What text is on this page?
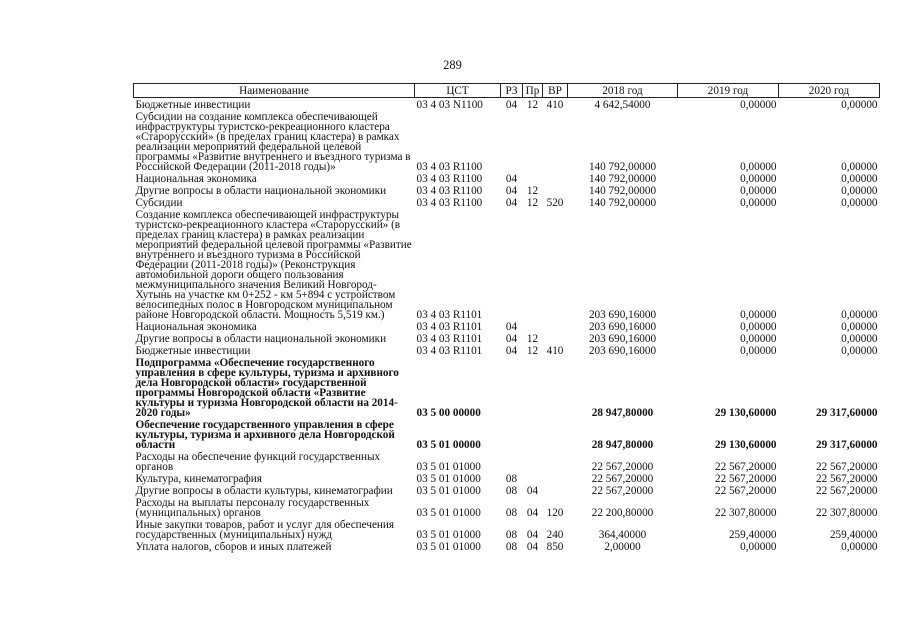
289
Наименование	ЦСТ	РЗ	Пр	ВР	2018 год	2019 год	2020 год
Бюджетные инвестиции	03 4 03 N1100	04	12	410	4 642,54000	0,00000	0,00000
Субсидии на создание комплекса обеспечивающей инфраструктуры туристско-рекреационного кластера «Старорусский» (в пределах границ кластера) в рамках реализации мероприятий федеральной целевой программы «Развитие внутреннего и въездного туризма в Российской Федерации (2011-2018 годы)»	03 4 03 R1100				140 792,00000	0,00000	0,00000
Национальная экономика	03 4 03 R1100	04			140 792,00000	0,00000	0,00000
Другие вопросы в области национальной экономики	03 4 03 R1100	04	12		140 792,00000	0,00000	0,00000
Субсидии	03 4 03 R1100	04	12	520	140 792,00000	0,00000	0,00000
Создание комплекса обеспечивающей инфраструктуры туристско-рекреационного кластера «Старорусский» (в пределах границ кластера) в рамках реализации мероприятий федеральной целевой программы «Развитие внутреннего и въездного туризма в Российской Федерации (2011-2018 годы)» (Реконструкция автомобильной дороги общего пользования межмуниципального значения Великий Новгород-Хутынь на участке км 0+252 - км 5+894 с устройством велосипедных полос в Новгородском муниципальном районе Новгородской области. Мощность 5,519 км.)	03 4 03 R1101				203 690,16000	0,00000	0,00000
Национальная экономика	03 4 03 R1101	04			203 690,16000	0,00000	0,00000
Другие вопросы в области национальной экономики	03 4 03 R1101	04	12		203 690,16000	0,00000	0,00000
Бюджетные инвестиции	03 4 03 R1101	04	12	410	203 690,16000	0,00000	0,00000
Подпрограмма «Обеспечение государственного управления в сфере культуры, туризма и архивного дела Новгородской области» государственной программы Новгородской области «Развитие культуры и туризма Новгородской области на 2014-2020 годы»	03 5 00 00000				28 947,80000	29 130,60000	29 317,60000
Обеспечение государственного управления в сфере культуры, туризма и архивного дела Новгородской области	03 5 01 00000				28 947,80000	29 130,60000	29 317,60000
Расходы на обеспечение функций государственных органов	03 5 01 01000				22 567,20000	22 567,20000	22 567,20000
Культура, кинематография	03 5 01 01000	08			22 567,20000	22 567,20000	22 567,20000
Другие вопросы в области культуры, кинематографии	03 5 01 01000	08	04		22 567,20000	22 567,20000	22 567,20000
Расходы на выплаты персоналу государственных (муниципальных) органов	03 5 01 01000	08	04	120	22 200,80000	22 307,80000	22 307,80000
Иные закупки товаров, работ и услуг для обеспечения государственных (муниципальных) нужд	03 5 01 01000	08	04	240	364,40000	259,40000	259,40000
Уплата налогов, сборов и иных платежей	03 5 01 01000	08	04	850	2,00000	0,00000	0,00000
